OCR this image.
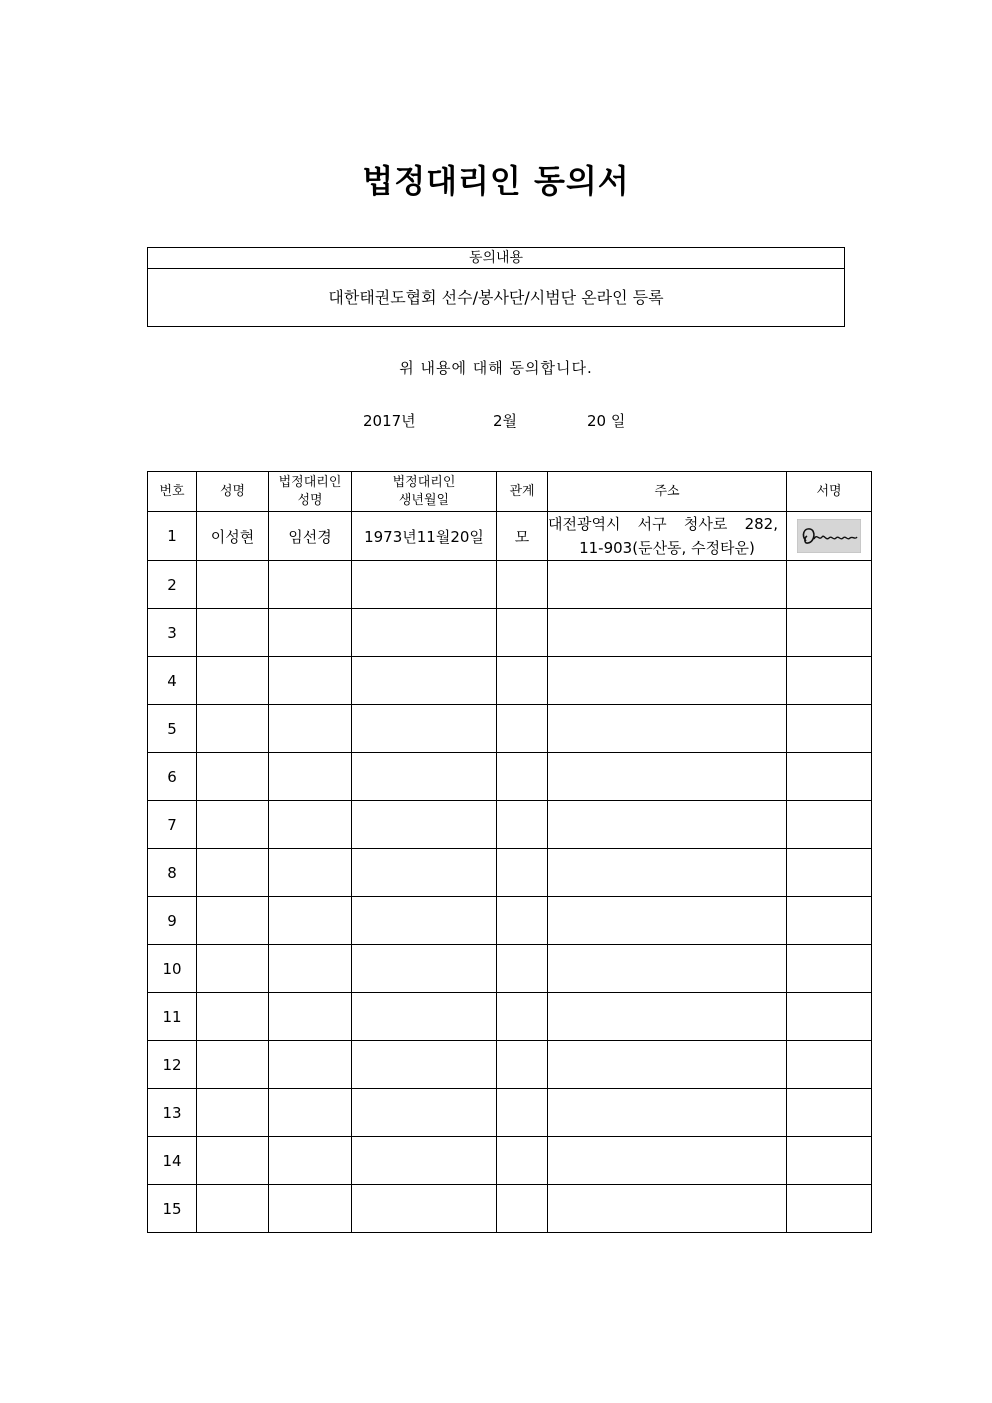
법정대리인 동의서
동의내용
대한태권도협회 선수/봉사단/시범단 온라인 등록
위 내용에 대해 동의합니다.
2017년	2월	20 일
번호	성명	법정대리인 성명	법정대리인 생년월일	관계	주소	서명
1	이성현	임선경	1973년11월20일	모	대전광역시 서구 청사로 282,
11-903(둔산동, 수정타운)

2						
3						
4						
5						
6						
7						
8						
9						
10						
11						
12						
13						
14						
15						
